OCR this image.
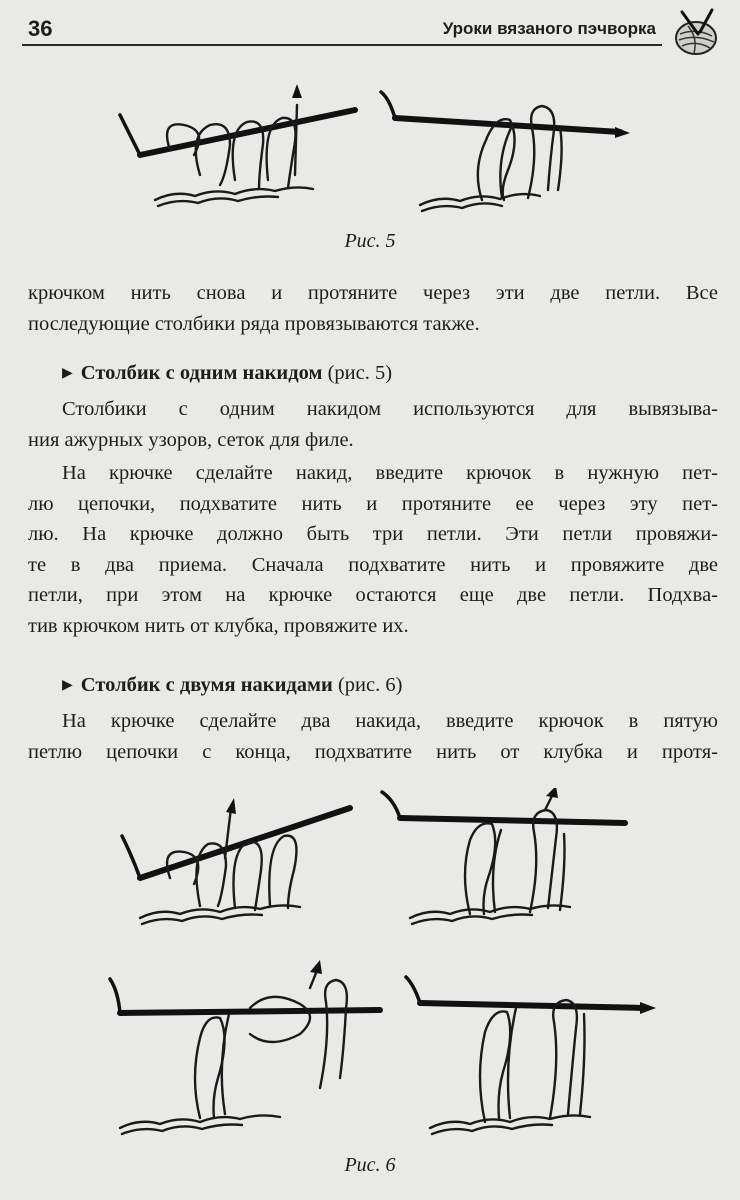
36	Уроки вязаного пэчворка
Рис. 5

крючком нить снова и протяните через эти две петли. Все
последующие столбики ряда провязываются также.

▶ Столбик с одним накидом (рис. 5)

Столбики с одним накидом используются для вывязыва-
ния ажурных узоров, сеток для филе.

На крючке сделайте накид, введите крючок в нужную пет-
лю цепочки, подхватите нить и протяните ее через эту пет-
лю. На крючке должно быть три петли. Эти петли провяжи-
те в два приема. Сначала подхватите нить и провяжите две
петли, при этом на крючке остаются еще две петли. Подхва-
тив крючком нить от клубка, провяжите их.

▶ Столбик с двумя накидами (рис. 6)

На крючке сделайте два накида, введите крючок в пятую
петлю цепочки с конца, подхватите нить от клубка и протя-

Рис. 6
